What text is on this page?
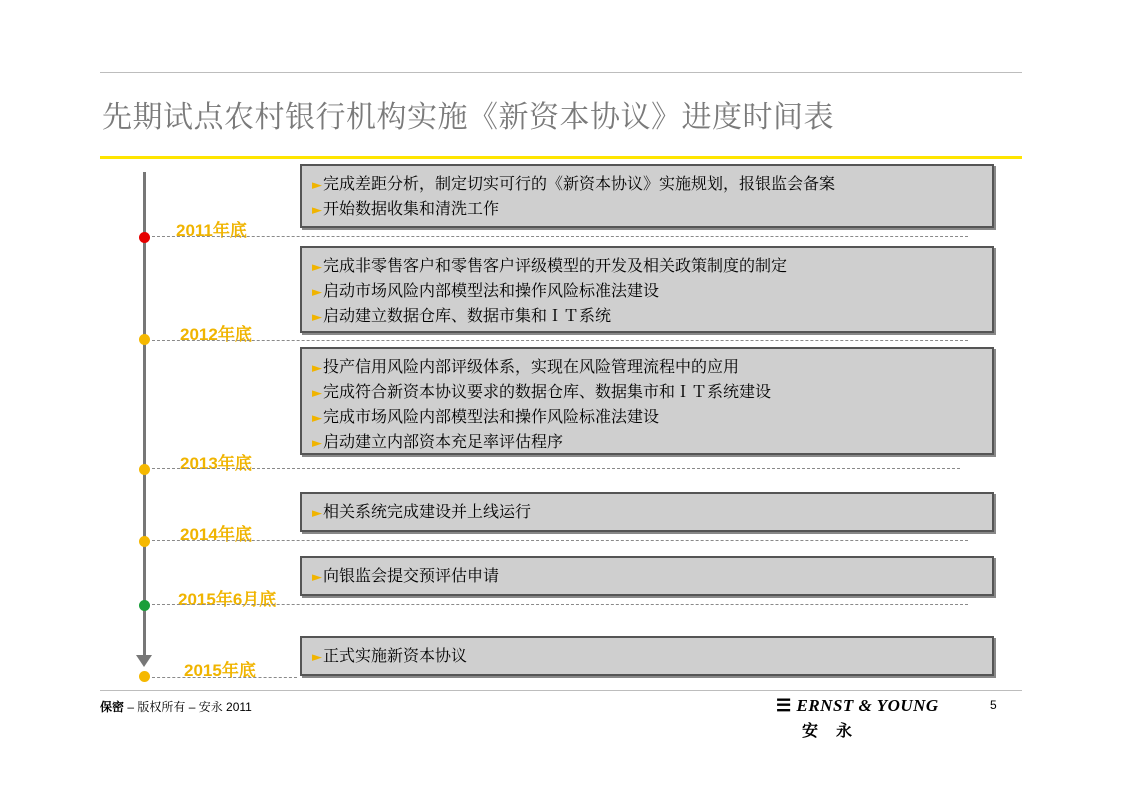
先期试点农村银行机构实施《新资本协议》进度时间表
►完成差距分析，制定切实可行的《新资本协议》实施规划，报银监会备案
►开始数据收集和清洗工作
2011年底
►完成非零售客户和零售客户评级模型的开发及相关政策制度的制定
►启动市场风险内部模型法和操作风险标准法建设
►启动建立数据仓库、数据市集和ＩＴ系统
2012年底
►投产信用风险内部评级体系，实现在风险管理流程中的应用
►完成符合新资本协议要求的数据仓库、数据集市和ＩＴ系统建设
►完成市场风险内部模型法和操作风险标准法建设
►启动建立内部资本充足率评估程序
2013年底
►相关系统完成建设并上线运行
2014年底
►向银监会提交预评估申请
2015年6月底
►正式实施新资本协议
2015年底
保密 – 版权所有 – 安永 2011	☰ ERNST & YOUNG
安永
5
